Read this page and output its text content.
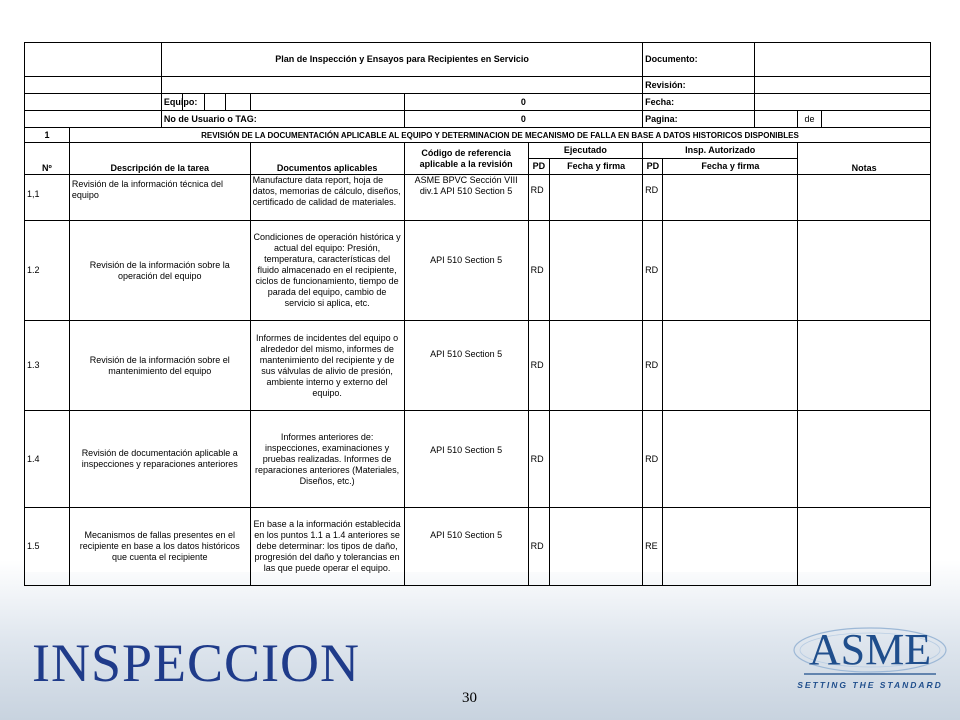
		Plan de Inspección y Ensayos para Recipientes en Servicio								Documento:				

										Revisión:				
		Equipo:					0			Fecha:				
		No de Usuario o TAG:					0			Pagina:			de	
1	REVISIÓN DE LA DOCUMENTACIÓN APLICABLE AL EQUIPO Y DETERMINACION DE MECANISMO DE FALLA EN BASE A DATOS HISTORICOS DISPONIBLES													
Nº	Descripción de la tarea					Documentos aplicables	Código de referencia
aplicable a la revisión	Ejecutado		Insp. Autorizado			Notas	
								PD	Fecha y firma	PD	Fecha y firma			
1,1	Revisión de la información técnica del equipo					Manufacture data report, hoja de datos, memorias de cálculo, diseños, certificado de calidad de materiales.	ASME BPVC Sección VIII div.1 API 510 Section 5	RD		RD				
1.2	Revisión de la información sobre la operación del equipo					Condiciones de operación histórica y actual del equipo: Presión, temperatura, características del fluido almacenado en el recipiente, ciclos de funcionamiento, tiempo de parada del equipo, cambio de servicio si aplica, etc.	API 510 Section 5	RD		RD				
1.3	Revisión de la información sobre el mantenimiento del equipo					Informes de incidentes del equipo o alrededor del mismo, informes de mantenimiento del recipiente y de sus válvulas de alivio de presión, ambiente interno y externo del equipo.	API 510 Section 5	RD		RD				
1.4	Revisión de documentación aplicable a inspecciones y reparaciones anteriores					Informes anteriores de: inspecciones, examinaciones y pruebas realizadas. Informes de reparaciones anteriores (Materiales, Diseños, etc.)	API 510 Section 5	RD		RD				
1.5	Mecanismos de fallas presentes en el recipiente en base a los datos históricos que cuenta el recipiente					En base a la información establecida en los puntos 1.1 a 1.4 anteriores se debe determinar: los tipos de daño, progresión del daño y tolerancias en las que puede operar el equipo.	API 510 Section 5	RD		RE				
INSPECCION
30
ASME
SETTING THE STANDARD
